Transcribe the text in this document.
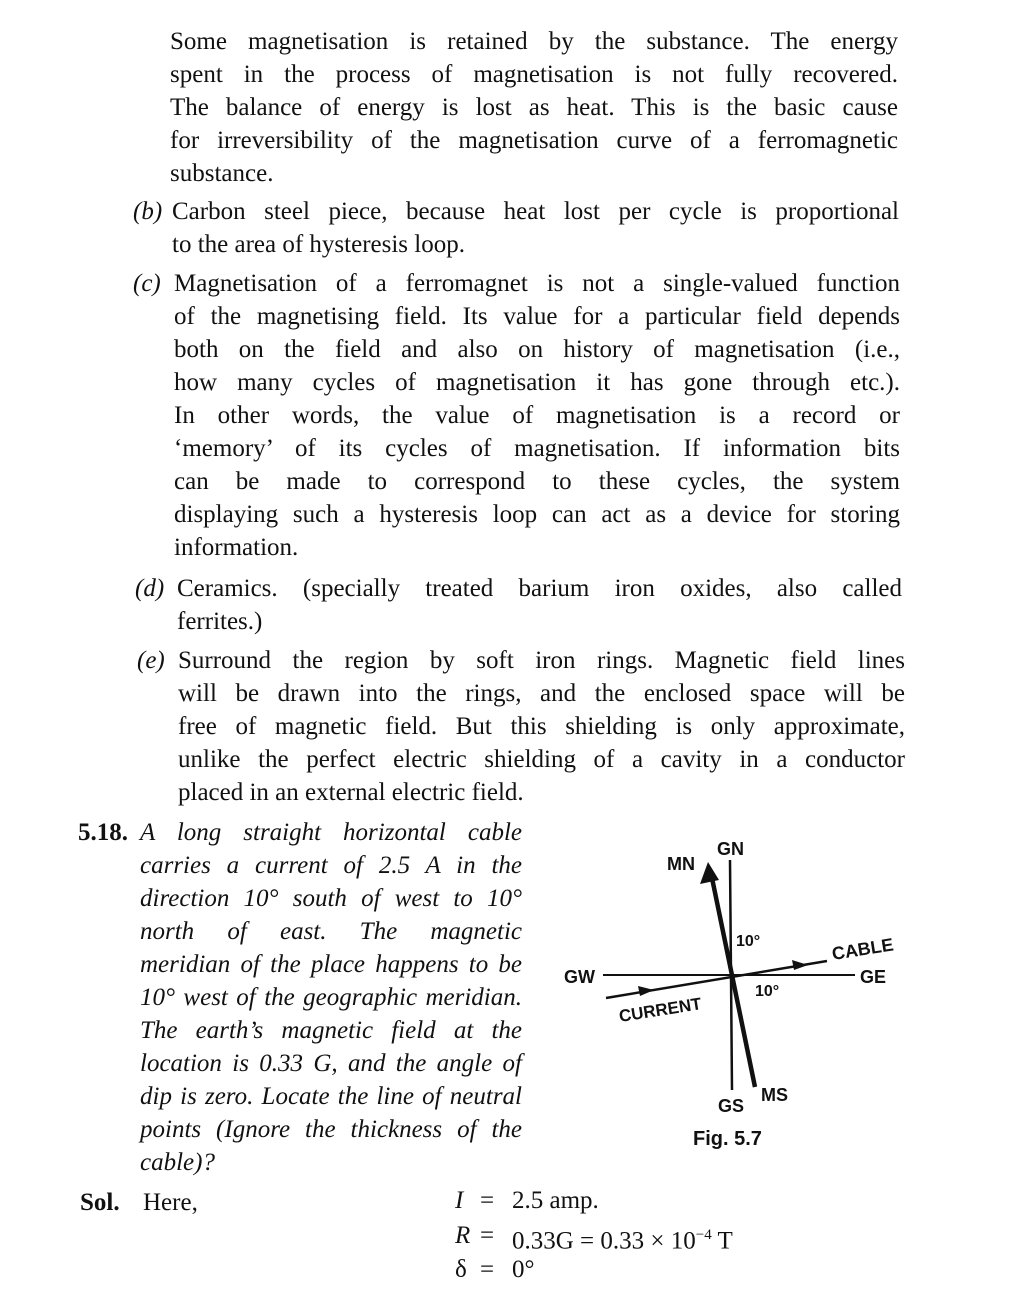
Some magnetisation is retained by the substance. The energy
spent in the process of magnetisation is not fully recovered.
The balance of energy is lost as heat. This is the basic cause
for irreversibility of the magnetisation curve of a ferromagnetic
substance.
(b) Carbon steel piece, because heat lost per cycle is proportional
to the area of hysteresis loop.
(c) Magnetisation of a ferromagnet is not a single-valued function
of the magnetising field. Its value for a particular field depends
both on the field and also on history of magnetisation (i.e.,
how many cycles of magnetisation it has gone through etc.).
In other words, the value of magnetisation is a record or
‘memory’ of its cycles of magnetisation. If information bits
can be made to correspond to these cycles, the system
displaying such a hysteresis loop can act as a device for storing
information.
(d) Ceramics. (specially treated barium iron oxides, also called
ferrites.)
(e) Surround the region by soft iron rings. Magnetic field lines
will be drawn into the rings, and the enclosed space will be
free of magnetic field. But this shielding is only approximate,
unlike the perfect electric shielding of a cavity in a conductor
placed in an external electric field.
5.18. A long straight horizontal cable
carries a current of 2.5 A in the
direction 10° south of west to 10°
north of east. The magnetic
meridian of the place happens to be
10° west of the geographic meridian.
The earth’s magnetic field at the
location is 0.33 G, and the angle of
dip is zero. Locate the line of neutral
points (Ignore the thickness of the
cable)?
GN
MN
GW	GE
GS
MS
CABLE
CURRENT
10°
10°
Fig. 5.7
Sol. Here,	I = 2.5 amp.
$R = 0.33G = 0.33 \times 10^{-4}$ T
δ = 0°
